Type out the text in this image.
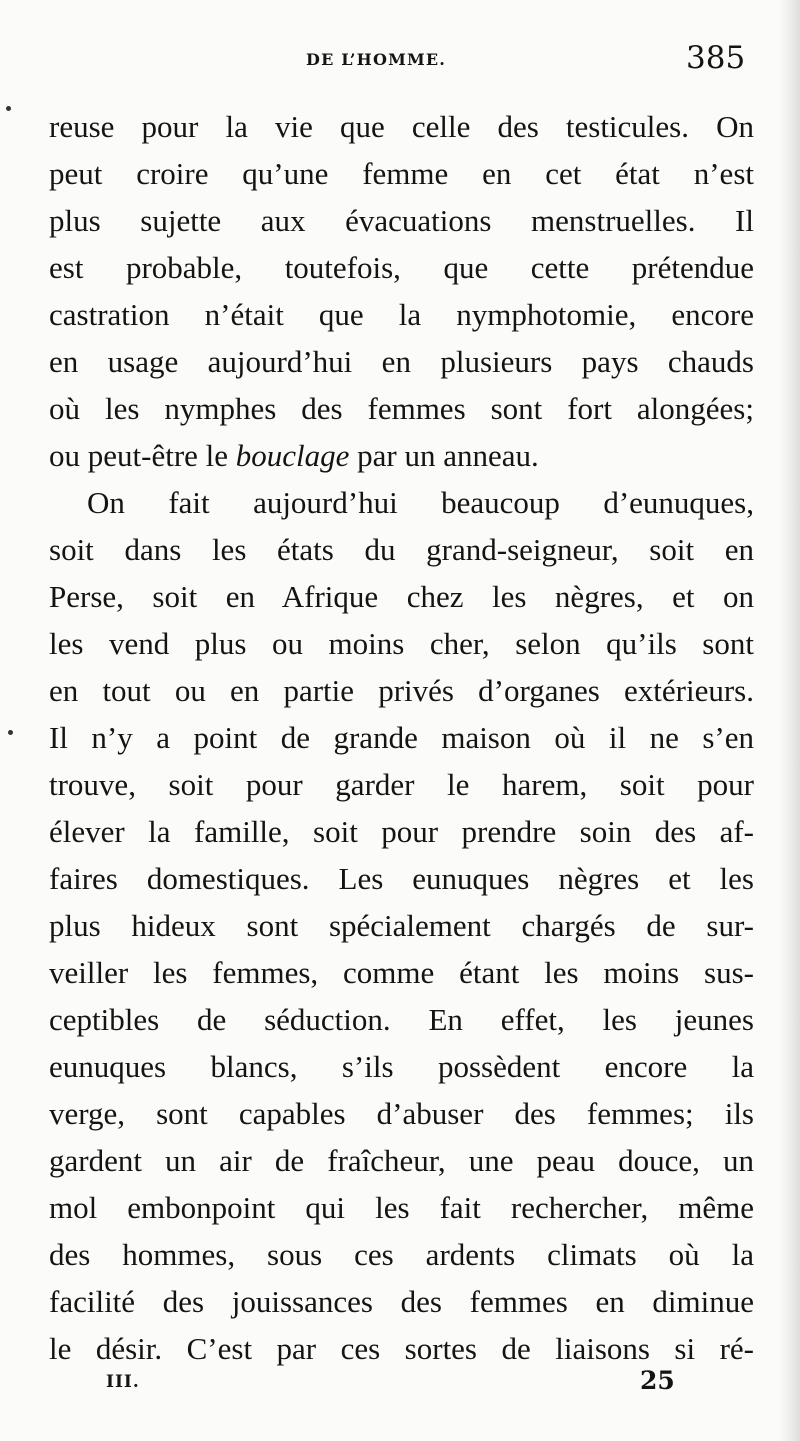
DE L’HOMME.	385
reuse pour la vie que celle des testicules. On
peut croire qu’une femme en cet état n’est
plus sujette aux évacuations menstruelles. Il
est probable, toutefois, que cette prétendue
castration n’était que la nymphotomie, encore
en usage aujourd’hui en plusieurs pays chauds
où les nymphes des femmes sont fort alongées;
ou peut-être le bouclage par un anneau.
On fait aujourd’hui beaucoup d’eunuques,
soit dans les états du grand-seigneur, soit en
Perse, soit en Afrique chez les nègres, et on
les vend plus ou moins cher, selon qu’ils sont
en tout ou en partie privés d’organes extérieurs.
Il n’y a point de grande maison où il ne s’en
trouve, soit pour garder le harem, soit pour
élever la famille, soit pour prendre soin des af-
faires domestiques. Les eunuques nègres et les
plus hideux sont spécialement chargés de sur-
veiller les femmes, comme étant les moins sus-
ceptibles de séduction. En effet, les jeunes
eunuques blancs, s’ils possèdent encore la
verge, sont capables d’abuser des femmes; ils
gardent un air de fraîcheur, une peau douce, un
mol embonpoint qui les fait rechercher, même
des hommes, sous ces ardents climats où la
facilité des jouissances des femmes en diminue
le désir. C’est par ces sortes de liaisons si ré-
III.	25
